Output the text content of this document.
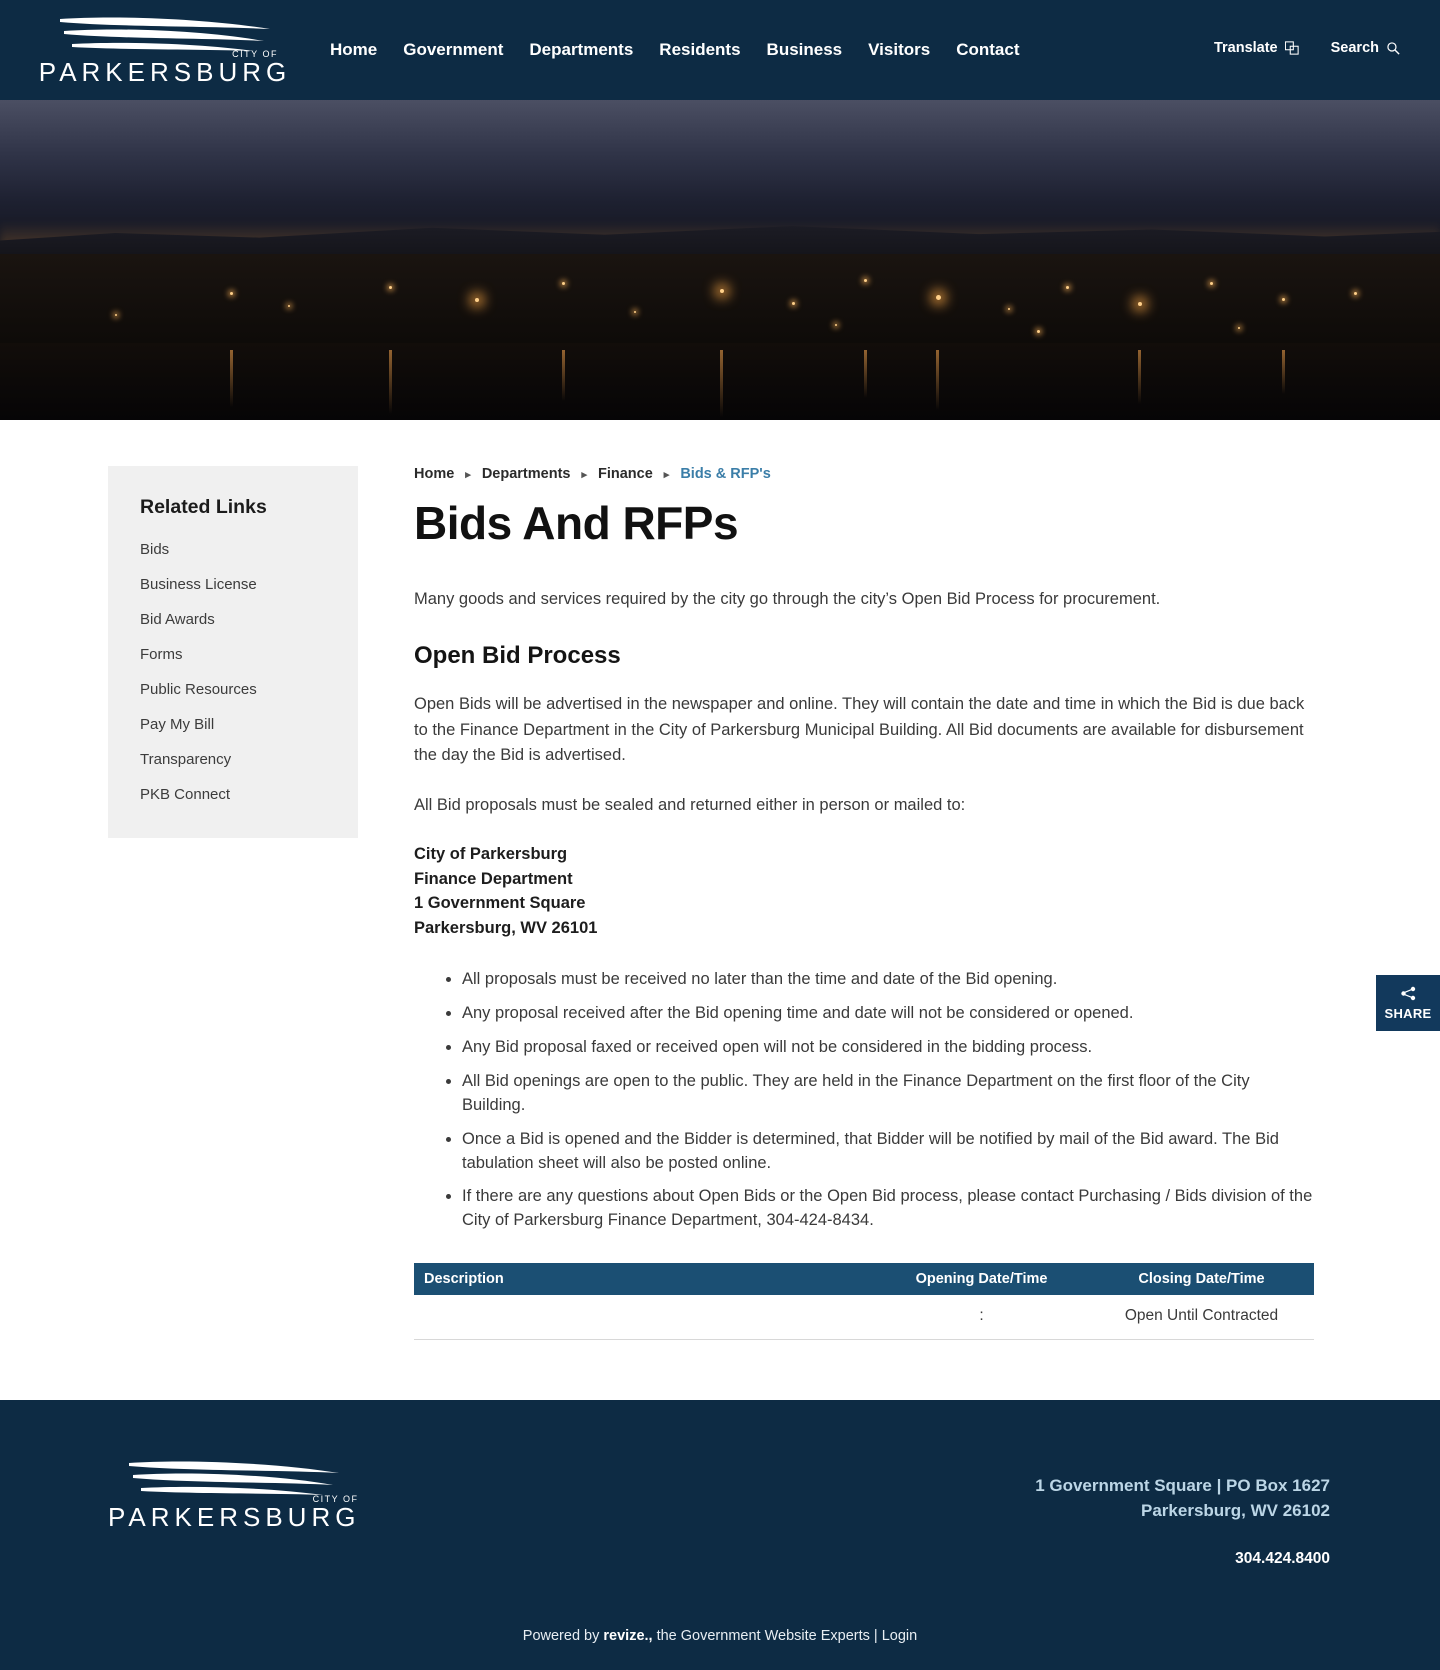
CITY OF
PARKERSBURG
Home Government Departments Residents Business Visitors Contact	Translate	Search
Related Links
Bids
Business License
Bid Awards
Forms
Public Resources
Pay My Bill
Transparency
PKB Connect
Home ▸ Departments ▸ Finance ▸ Bids & RFP's
Bids And RFPs

Many goods and services required by the city go through the city’s Open Bid Process for procurement.

Open Bid Process

Open Bids will be advertised in the newspaper and online. They will contain the date and time in which the Bid is due back to the Finance Department in the City of Parkersburg Municipal Building. All Bid documents are available for disbursement the day the Bid is advertised.

All Bid proposals must be sealed and returned either in person or mailed to:

City of Parkersburg
Finance Department
1 Government Square
Parkersburg, WV 26101
• All proposals must be received no later than the time and date of the Bid opening.
• Any proposal received after the Bid opening time and date will not be considered or opened.
• Any Bid proposal faxed or received open will not be considered in the bidding process.
• All Bid openings are open to the public. They are held in the Finance Department on the first floor of the City Building.
• Once a Bid is opened and the Bidder is determined, that Bidder will be notified by mail of the Bid award. The Bid tabulation sheet will also be posted online.
• If there are any questions about Open Bids or the Open Bid process, please contact Purchasing / Bids division of the City of Parkersburg Finance Department, 304-424-8434.
Description	Opening Date/Time	Closing Date/Time
	:	Open Until Contracted
SHARE
CITY OF
PARKERSBURG
1 Government Square | PO Box 1627
Parkersburg, WV 26102
304.424.8400
Powered by revize., the Government Website Experts | Login
